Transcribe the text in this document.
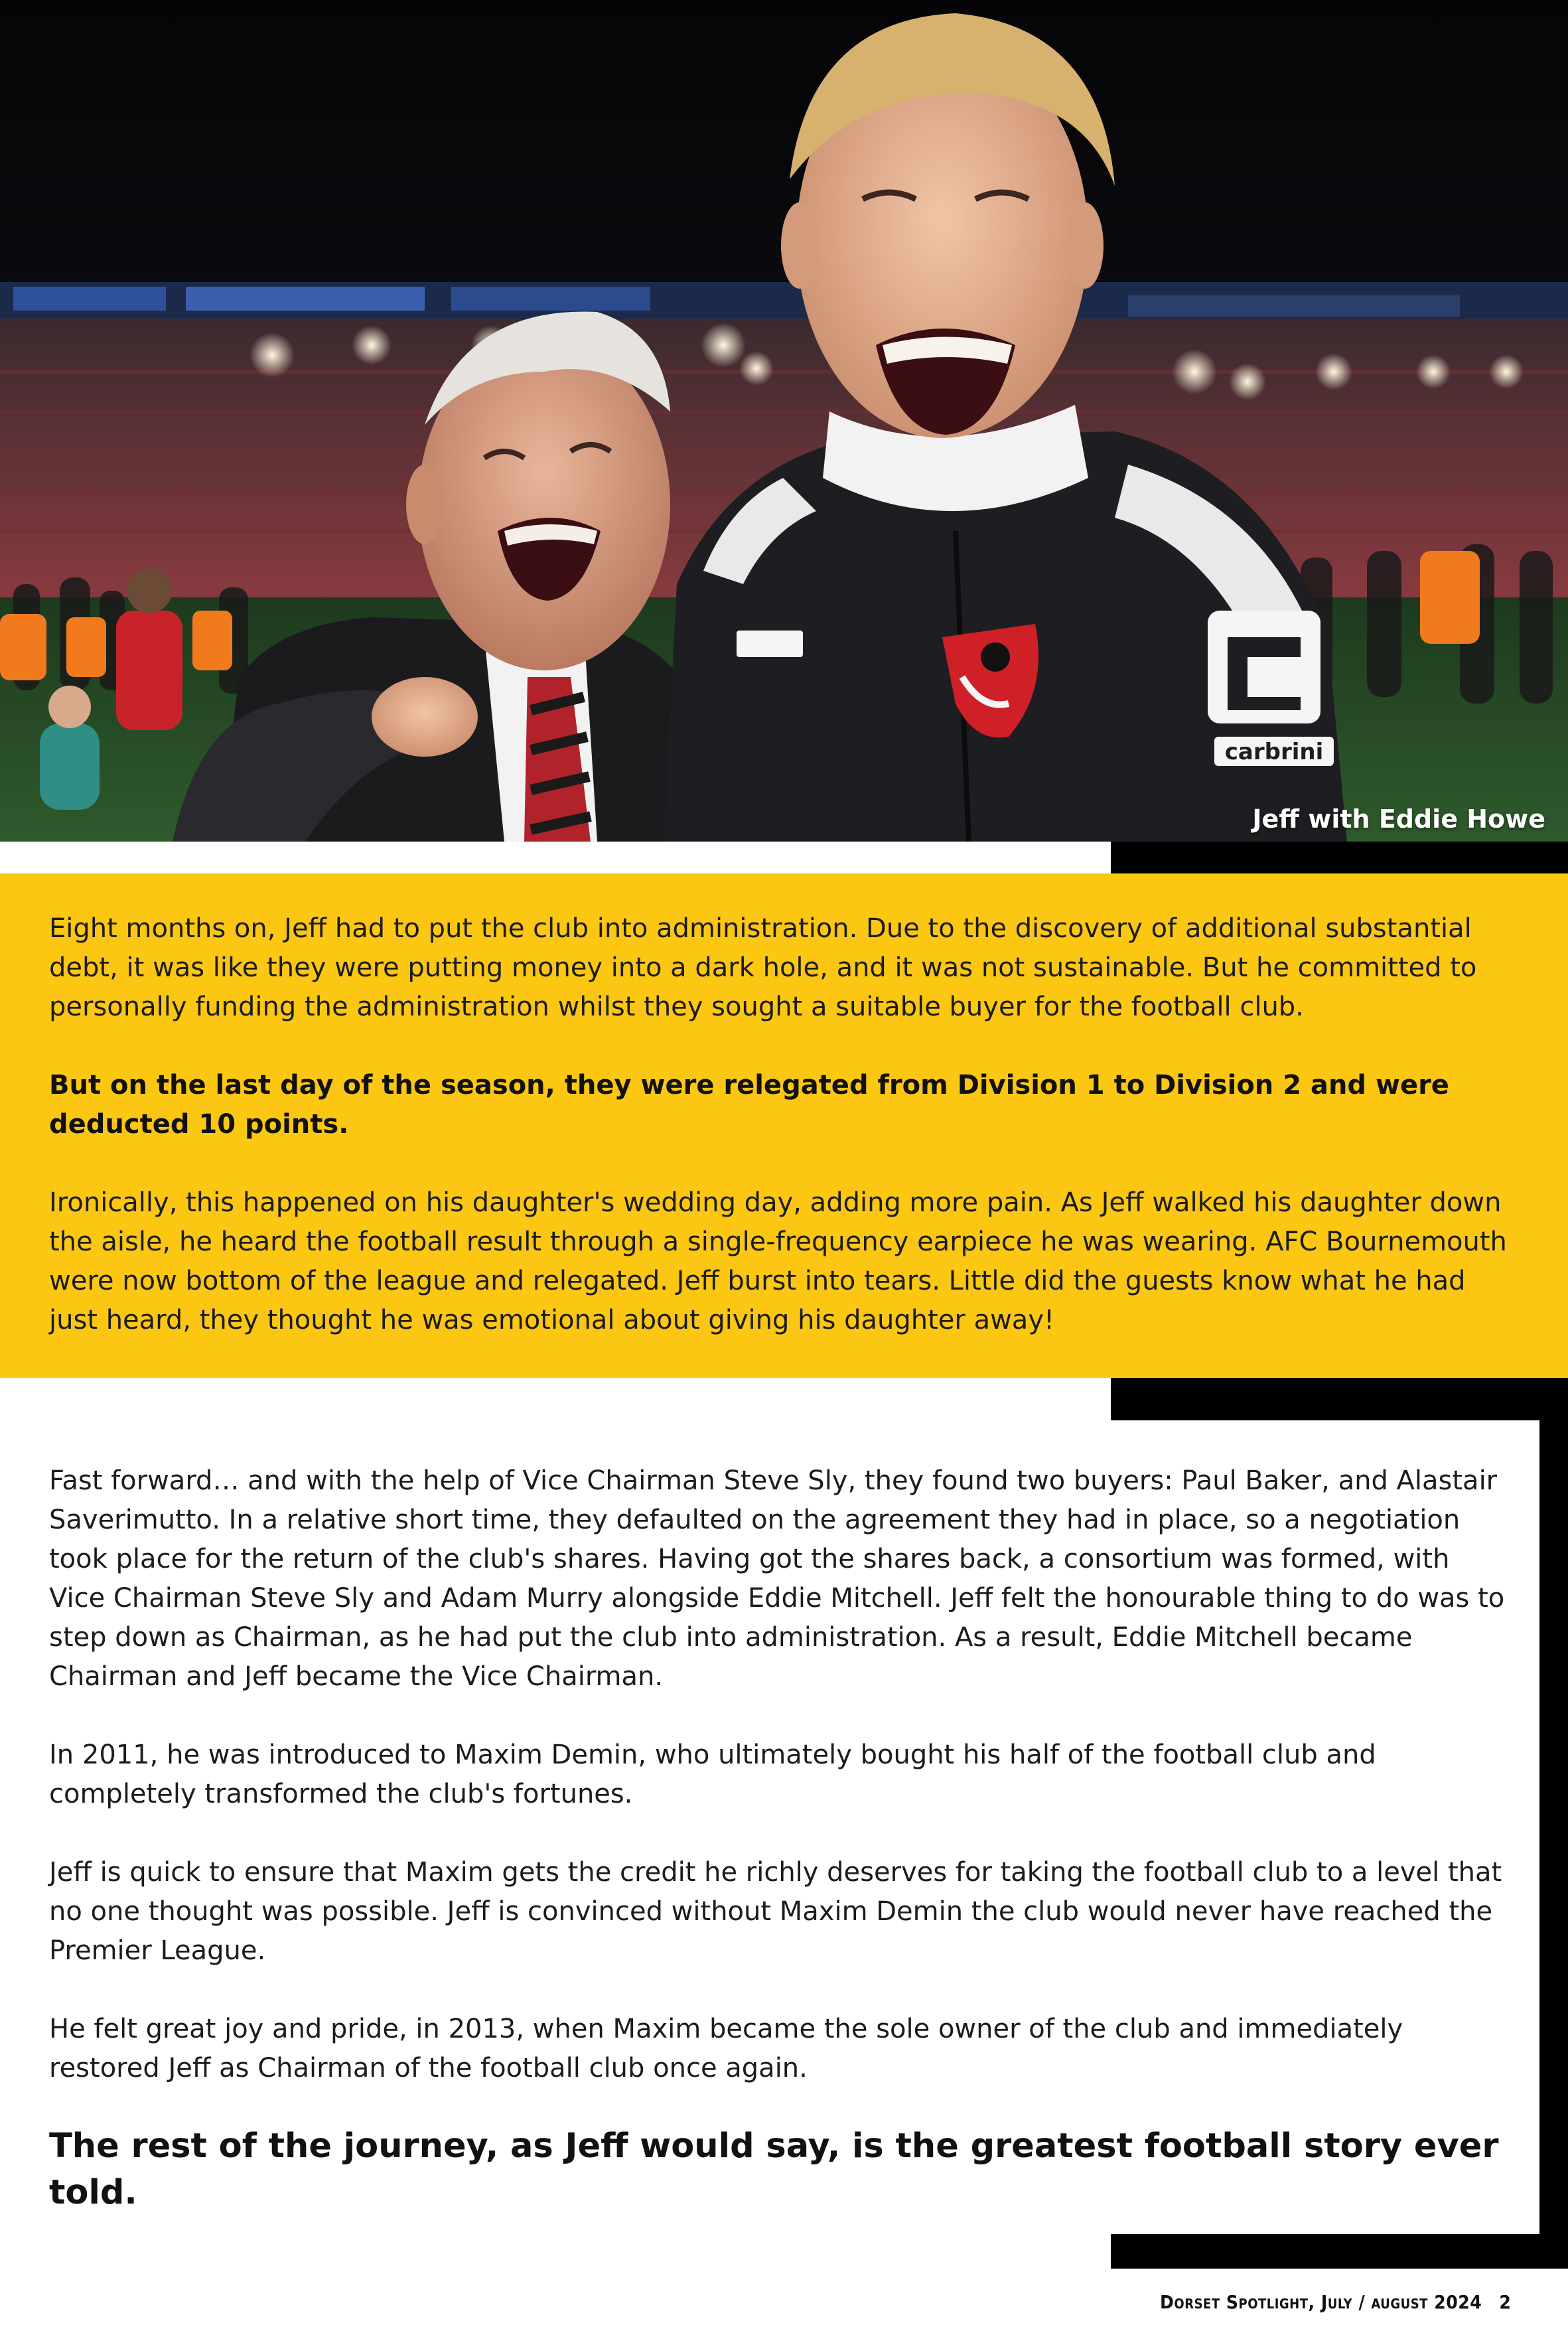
carbrini
Jeff with Eddie Howe

Eight months on, Jeff had to put the club into administration. Due to the discovery of additional substantial debt, it was like they were putting money into a dark hole, and it was not sustainable. But he committed to personally funding the administration whilst they sought a suitable buyer for the football club.

But on the last day of the season, they were relegated from Division 1 to Division 2 and were deducted 10 points.

Ironically, this happened on his daughter's wedding day, adding more pain. As Jeff walked his daughter down the aisle, he heard the football result through a single-frequency earpiece he was wearing. AFC Bournemouth were now bottom of the league and relegated. Jeff burst into tears. Little did the guests know what he had just heard, they thought he was emotional about giving his daughter away!

Fast forward… and with the help of Vice Chairman Steve Sly, they found two buyers: Paul Baker, and Alastair Saverimutto. In a relative short time, they defaulted on the agreement they had in place, so a negotiation took place for the return of the club's shares. Having got the shares back, a consortium was formed, with Vice Chairman Steve Sly and Adam Murry alongside Eddie Mitchell. Jeff felt the honourable thing to do was to step down as Chairman, as he had put the club into administration. As a result, Eddie Mitchell became Chairman and Jeff became the Vice Chairman.

In 2011, he was introduced to Maxim Demin, who ultimately bought his half of the football club and completely transformed the club's fortunes.

Jeff is quick to ensure that Maxim gets the credit he richly deserves for taking the football club to a level that no one thought was possible. Jeff is convinced without Maxim Demin the club would never have reached the Premier League.

He felt great joy and pride, in 2013, when Maxim became the sole owner of the club and immediately restored Jeff as Chairman of the football club once again.

The rest of the journey, as Jeff would say, is the greatest football story ever told.

Dorset Spotlight, July / august 2024 2
